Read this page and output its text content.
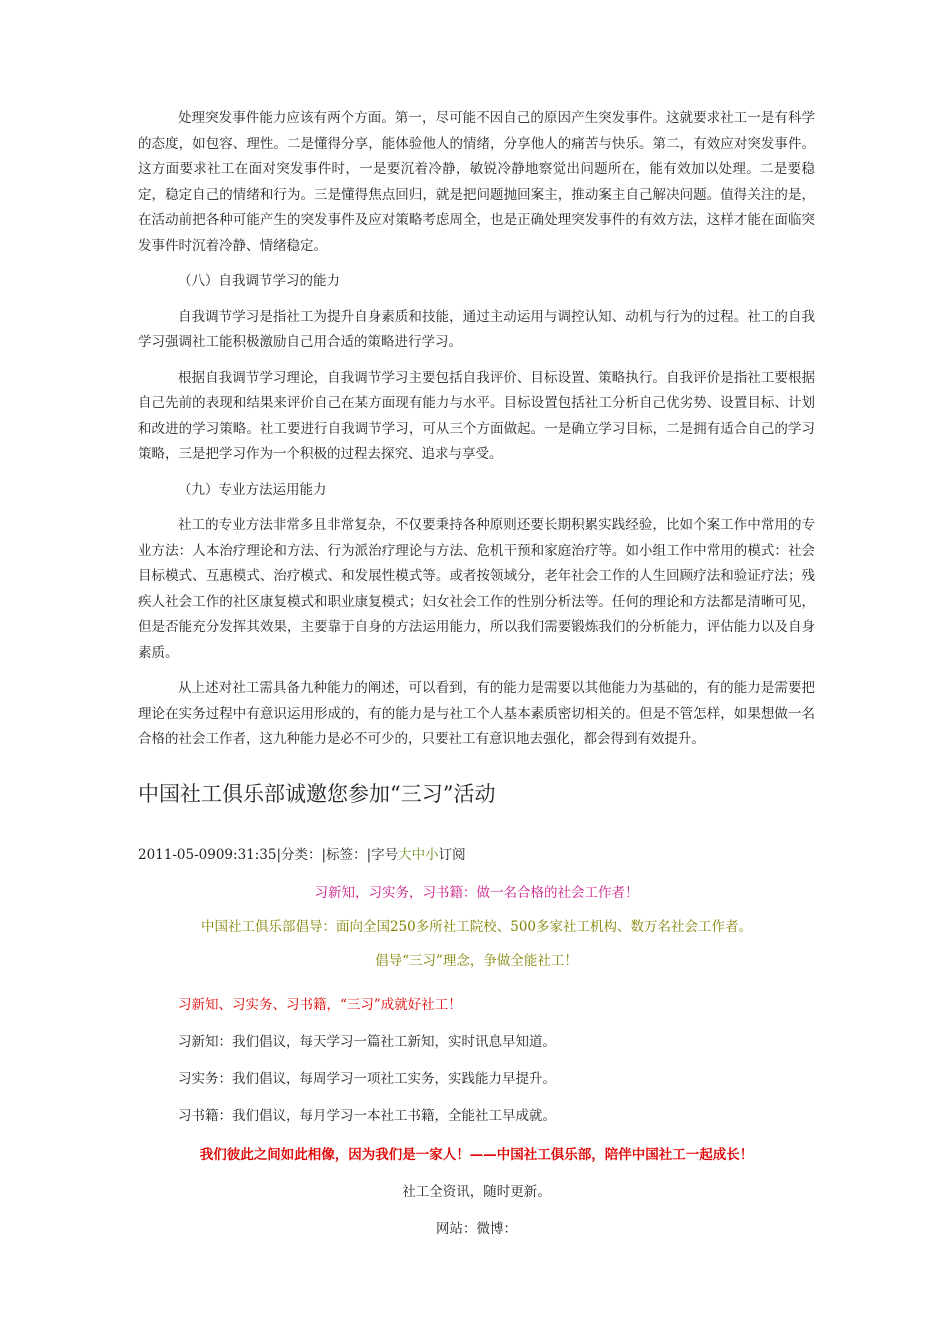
处理突发事件能力应该有两个方面。第一，尽可能不因自己的原因产生突发事件。这就要求社工一是有科学的态度，如包容、理性。二是懂得分享，能体验他人的情绪，分享他人的痛苦与快乐。第二，有效应对突发事件。这方面要求社工在面对突发事件时，一是要沉着冷静，敏锐冷静地察觉出问题所在，能有效加以处理。二是要稳定，稳定自己的情绪和行为。三是懂得焦点回归，就是把问题抛回案主，推动案主自己解决问题。值得关注的是，在活动前把各种可能产生的突发事件及应对策略考虑周全，也是正确处理突发事件的有效方法，这样才能在面临突发事件时沉着冷静、情绪稳定。

（八）自我调节学习的能力

自我调节学习是指社工为提升自身素质和技能，通过主动运用与调控认知、动机与行为的过程。社工的自我学习强调社工能积极激励自己用合适的策略进行学习。

根据自我调节学习理论，自我调节学习主要包括自我评价、目标设置、策略执行。自我评价是指社工要根据自己先前的表现和结果来评价自己在某方面现有能力与水平。目标设置包括社工分析自己优劣势、设置目标、计划和改进的学习策略。社工要进行自我调节学习，可从三个方面做起。一是确立学习目标，二是拥有适合自己的学习策略，三是把学习作为一个积极的过程去探究、追求与享受。

（九）专业方法运用能力

社工的专业方法非常多且非常复杂，不仅要秉持各种原则还要长期积累实践经验，比如个案工作中常用的专业方法：人本治疗理论和方法、行为派治疗理论与方法、危机干预和家庭治疗等。如小组工作中常用的模式：社会目标模式、互惠模式、治疗模式、和发展性模式等。或者按领域分，老年社会工作的人生回顾疗法和验证疗法；残疾人社会工作的社区康复模式和职业康复模式；妇女社会工作的性别分析法等。任何的理论和方法都是清晰可见，但是否能充分发挥其效果，主要靠于自身的方法运用能力，所以我们需要锻炼我们的分析能力，评估能力以及自身素质。

从上述对社工需具备九种能力的阐述，可以看到，有的能力是需要以其他能力为基础的，有的能力是需要把理论在实务过程中有意识运用形成的，有的能力是与社工个人基本素质密切相关的。但是不管怎样，如果想做一名合格的社会工作者，这九种能力是必不可少的，只要社工有意识地去强化，都会得到有效提升。

中国社工俱乐部诚邀您参加“三习”活动
2011-05-0909:31:35|分类：|标签：|字号大中小订阅

习新知，习实务，习书籍：做一名合格的社会工作者！

中国社工俱乐部倡导：面向全国250多所社工院校、500多家社工机构、数万名社会工作者。

倡导“三习”理念，争做全能社工！

习新知、习实务、习书籍，“三习”成就好社工！

习新知：我们倡议，每天学习一篇社工新知，实时讯息早知道。

习实务：我们倡议，每周学习一项社工实务，实践能力早提升。

习书籍：我们倡议，每月学习一本社工书籍，全能社工早成就。

我们彼此之间如此相像，因为我们是一家人！——中国社工俱乐部，陪伴中国社工一起成长！

社工全资讯，随时更新。

网站：微博：
